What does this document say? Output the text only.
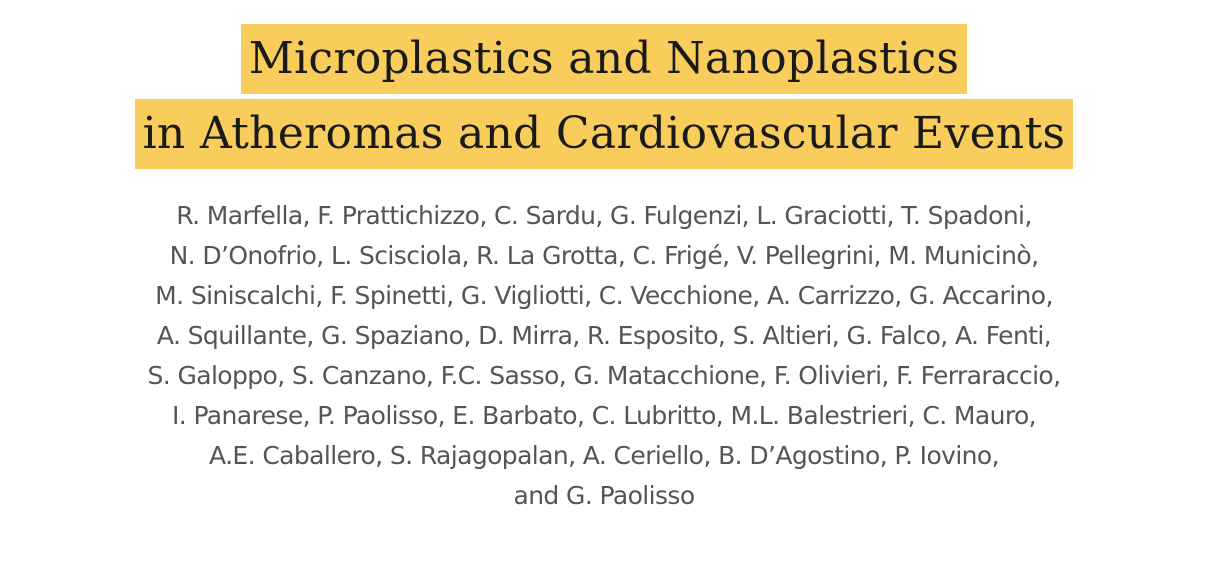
Microplastics and Nanoplastics
in Atheromas and Cardiovascular Events
R. Marfella, F. Prattichizzo, C. Sardu, G. Fulgenzi, L. Graciotti, T. Spadoni,
N. D’Onofrio, L. Scisciola, R. La Grotta, C. Frigé, V. Pellegrini, M. Municinò,
M. Siniscalchi, F. Spinetti, G. Vigliotti, C. Vecchione, A. Carrizzo, G. Accarino,
A. Squillante, G. Spaziano, D. Mirra, R. Esposito, S. Altieri, G. Falco, A. Fenti,
S. Galoppo, S. Canzano, F.C. Sasso, G. Matacchione, F. Olivieri, F. Ferraraccio,
I. Panarese, P. Paolisso, E. Barbato, C. Lubritto, M.L. Balestrieri, C. Mauro,
A.E. Caballero, S. Rajagopalan, A. Ceriello, B. D’Agostino, P. Iovino,
and G. Paolisso
